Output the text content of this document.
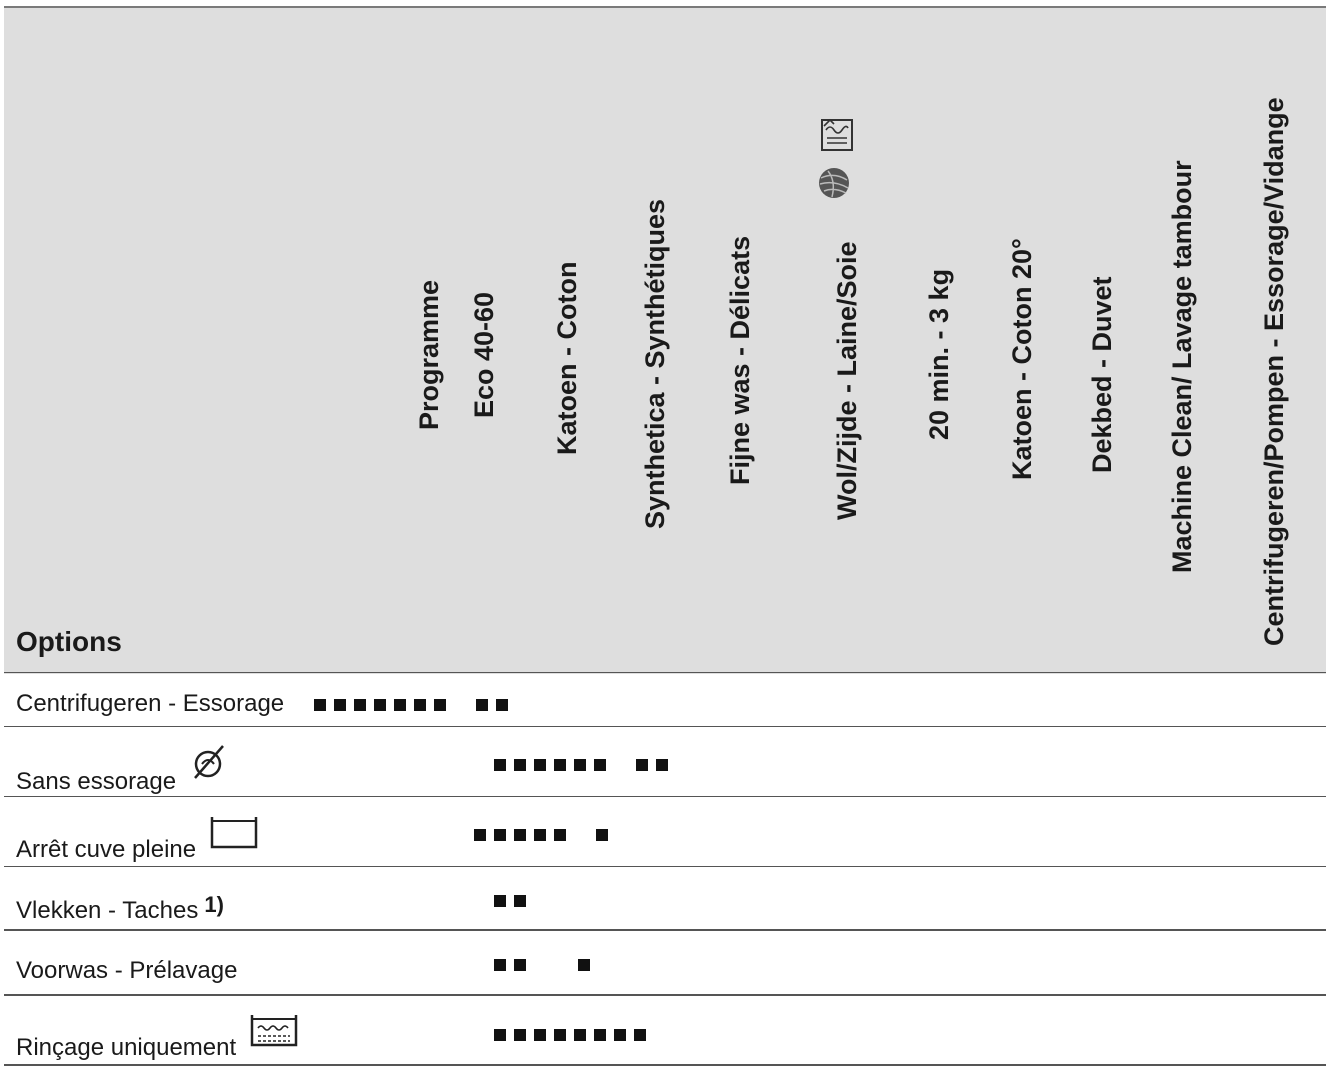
Programme Eco 40-60 Katoen - Coton Synthetica - Synthétiques Fijne was - Délicats	Wol/Zijde - Laine/Soie 20 min. - 3 kg Katoen - Coton 20° Dekbed - Duvet Machine Clean/ Lavage tambour Centrifugeren/Pompen - Essorage/Vidange
Options
Centrifugeren - Essorage
Sans essorage
Arrêt cuve pleine
Vlekken - Taches $^{1)}$
Voorwas - Prélavage
Rinçage uniquement
